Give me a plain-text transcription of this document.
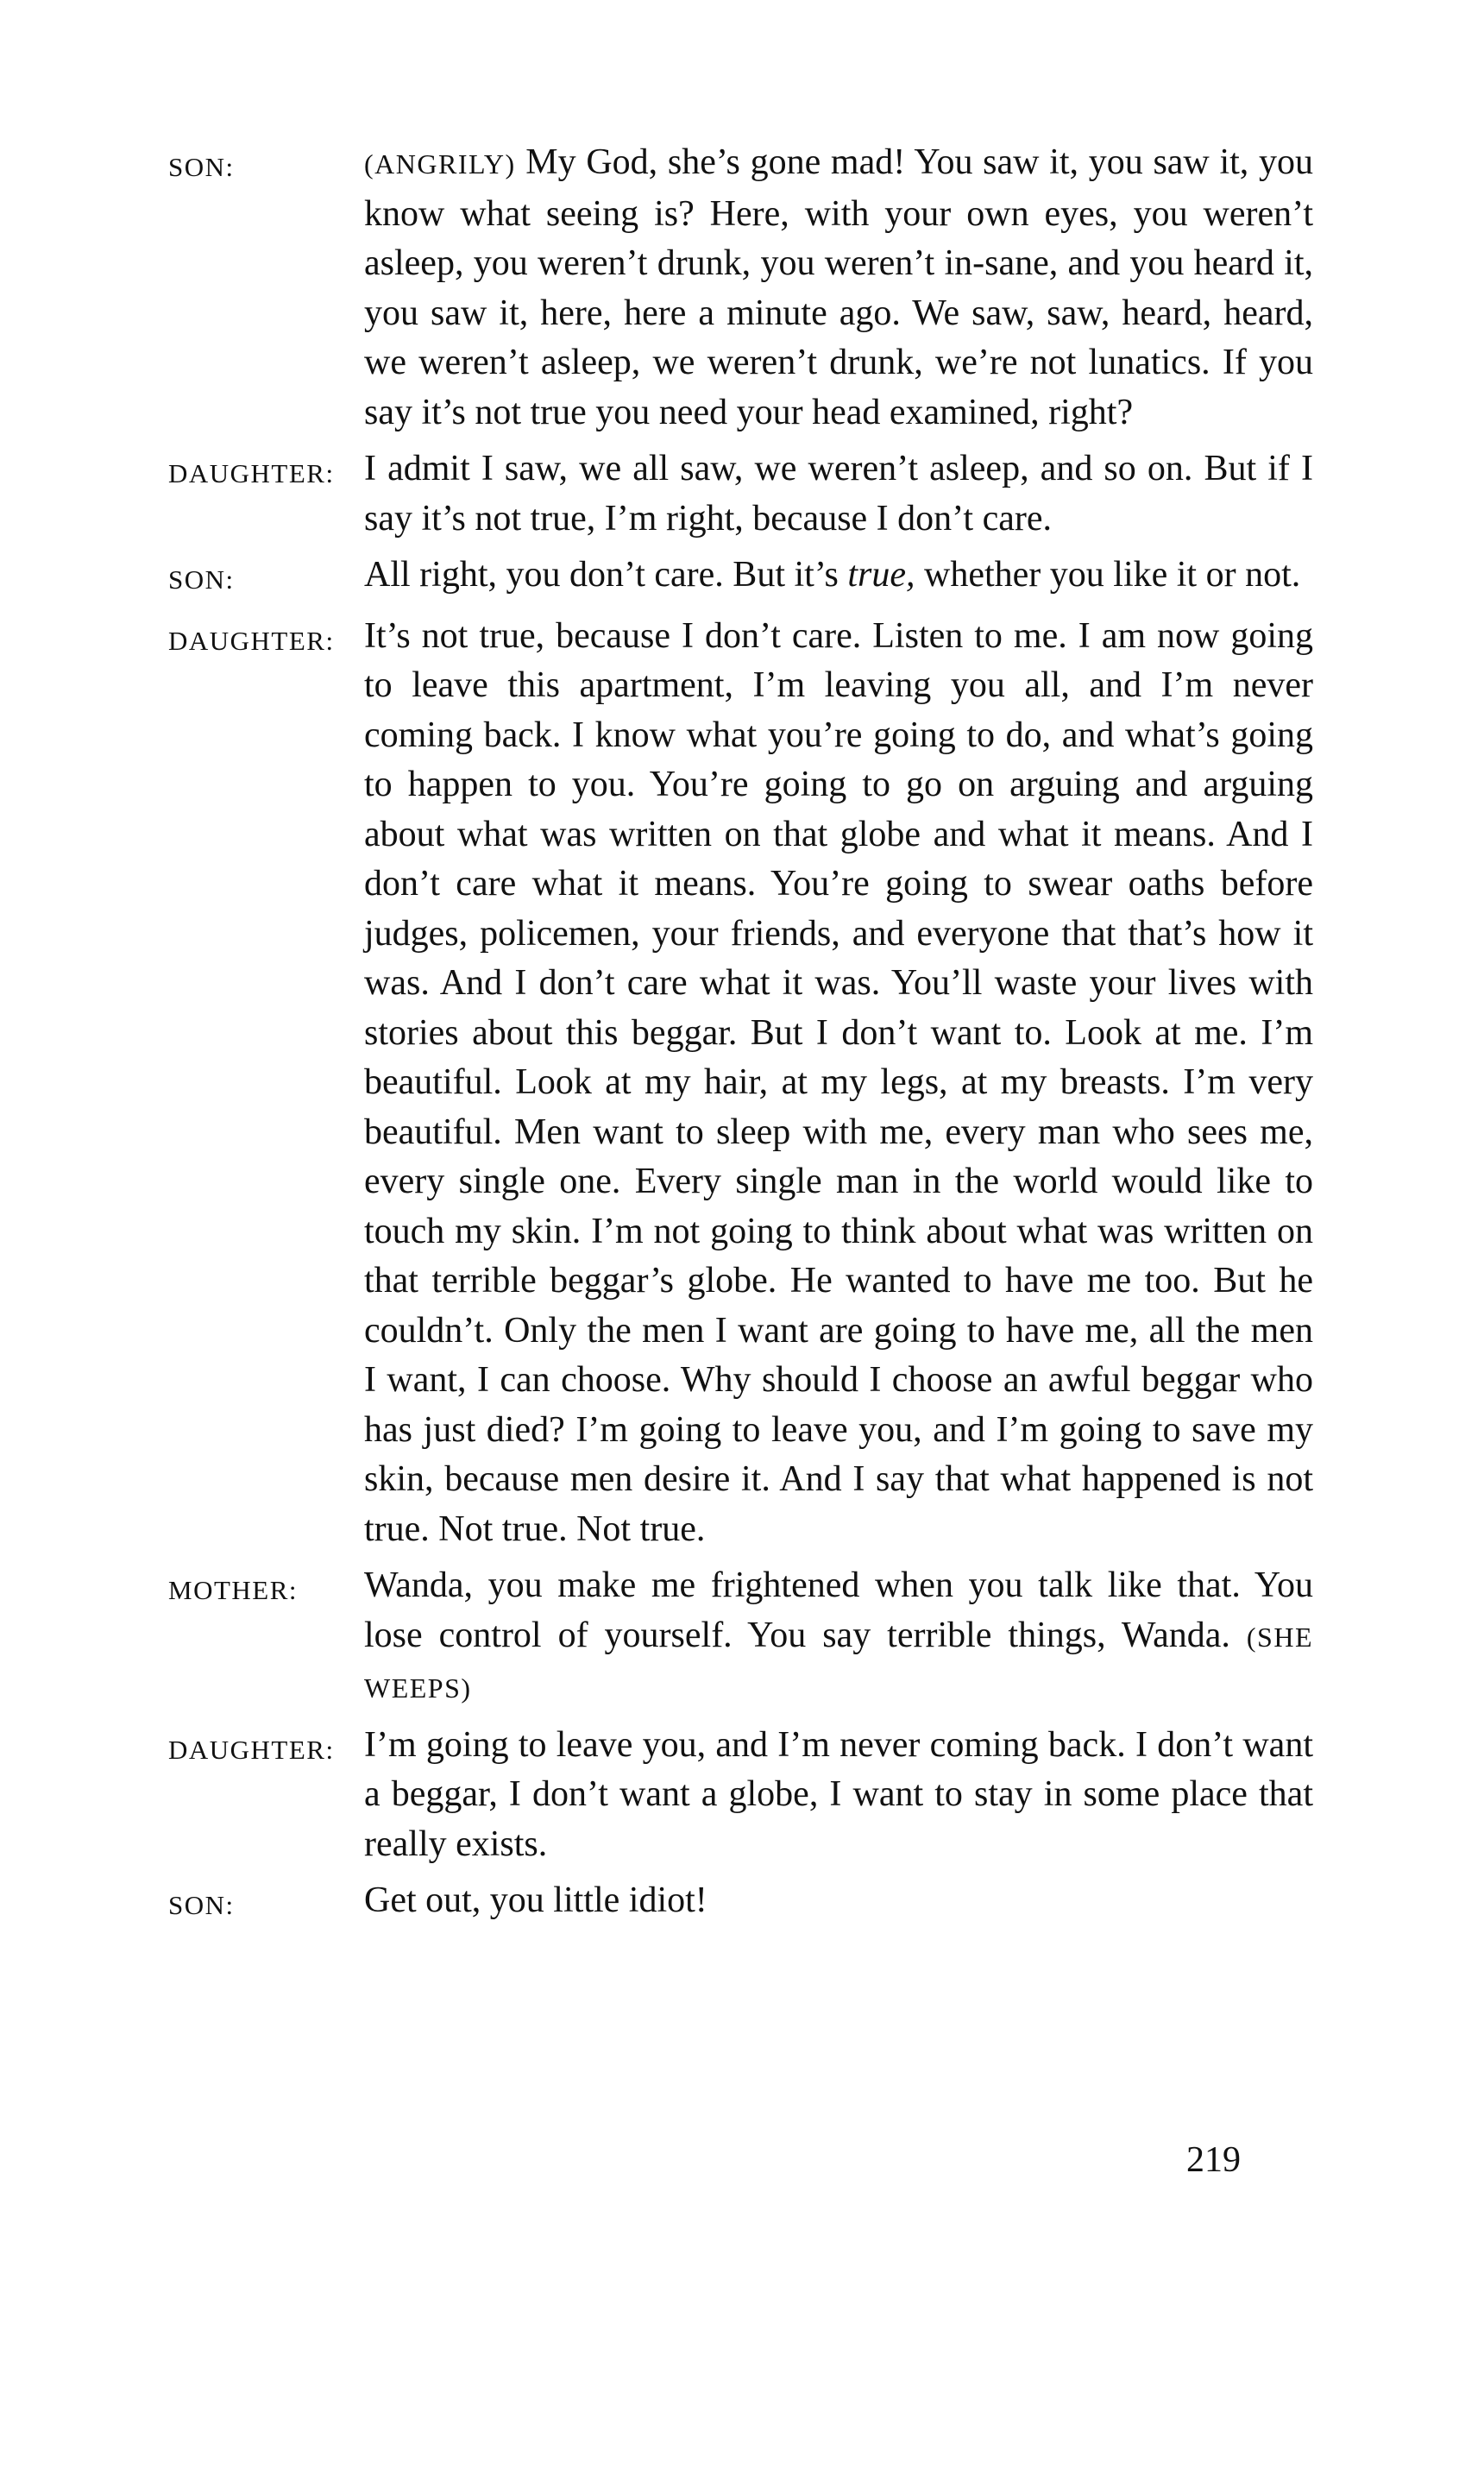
SON:	(ANGRILY) My God, she’s gone mad! You saw it, you saw it, you know what seeing is? Here, with your own eyes, you weren’t asleep, you weren’t drunk, you weren’t in-sane, and you heard it, you saw it, here, here a minute ago. We saw, saw, heard, heard, we weren’t asleep, we weren’t drunk, we’re not lunatics. If you say it’s not true you need your head examined, right?
DAUGHTER: I admit I saw, we all saw, we weren’t asleep, and so on. But if I say it’s not true, I’m right, because I don’t care.
SON:	All right, you don’t care. But it’s true, whether you like it or not.
DAUGHTER: It’s not true, because I don’t care. Listen to me. I am now going to leave this apartment, I’m leaving you all, and I’m never coming back. I know what you’re going to do, and what’s going to happen to you. You’re going to go on arguing and arguing about what was written on that globe and what it means. And I don’t care what it means. You’re going to swear oaths before judges, policemen, your friends, and everyone that that’s how it was. And I don’t care what it was. You’ll waste your lives with stories about this beggar. But I don’t want to. Look at me. I’m beautiful. Look at my hair, at my legs, at my breasts. I’m very beautiful. Men want to sleep with me, every man who sees me, every single one. Every single man in the world would like to touch my skin. I’m not going to think about what was written on that terrible beggar’s globe. He wanted to have me too. But he couldn’t. Only the men I want are going to have me, all the men I want, I can choose. Why should I choose an awful beggar who has just died? I’m going to leave you, and I’m going to save my skin, because men desire it. And I say that what happened is not true. Not true. Not true.
MOTHER:	Wanda, you make me frightened when you talk like that. You lose control of yourself. You say terrible things, Wanda. (SHE WEEPS)
DAUGHTER: I’m going to leave you, and I’m never coming back. I don’t want a beggar, I don’t want a globe, I want to stay in some place that really exists.
SON:	Get out, you little idiot!
219
